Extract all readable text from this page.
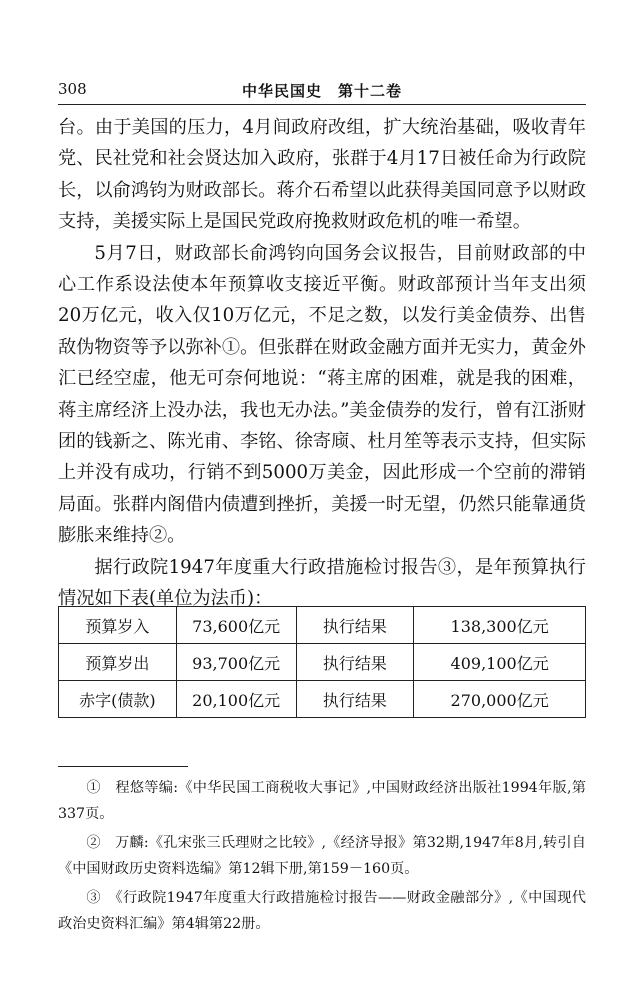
308	中华民国史　第十二卷

台。由于美国的压力，4月间政府改组，扩大统治基础，吸收青年党、民社党和社会贤达加入政府，张群于4月17日被任命为行政院长，以俞鸿钧为财政部长。蒋介石希望以此获得美国同意予以财政支持，美援实际上是国民党政府挽救财政危机的唯一希望。

5月7日，财政部长俞鸿钧向国务会议报告，目前财政部的中心工作系设法使本年预算收支接近平衡。财政部预计当年支出须20万亿元，收入仅10万亿元，不足之数，以发行美金债券、出售敌伪物资等予以弥补①。但张群在财政金融方面并无实力，黄金外汇已经空虚，他无可奈何地说：“蒋主席的困难，就是我的困难，蒋主席经济上没办法，我也无办法。”美金债券的发行，曾有江浙财团的钱新之、陈光甫、李铭、徐寄庼、杜月笙等表示支持，但实际上并没有成功，行销不到5000万美金，因此形成一个空前的滞销局面。张群内阁借内债遭到挫折，美援一时无望，仍然只能靠通货膨胀来维持②。

据行政院1947年度重大行政措施检讨报告③，是年预算执行情况如下表(单位为法币)：

预算岁入	73,600亿元	执行结果	138,300亿元
预算岁出	93,700亿元	执行结果	409,100亿元
赤字(债款)	20,100亿元	执行结果	270,000亿元

①　程悠等编:《中华民国工商税收大事记》,中国财政经济出版社1994年版,第337页。

②　万麟:《孔宋张三氏理财之比较》,《经济导报》第32期,1947年8月,转引自《中国财政历史资料选编》第12辑下册,第159－160页。

③　《行政院1947年度重大行政措施检讨报告——财政金融部分》,《中国现代政治史资料汇编》第4辑第22册。
